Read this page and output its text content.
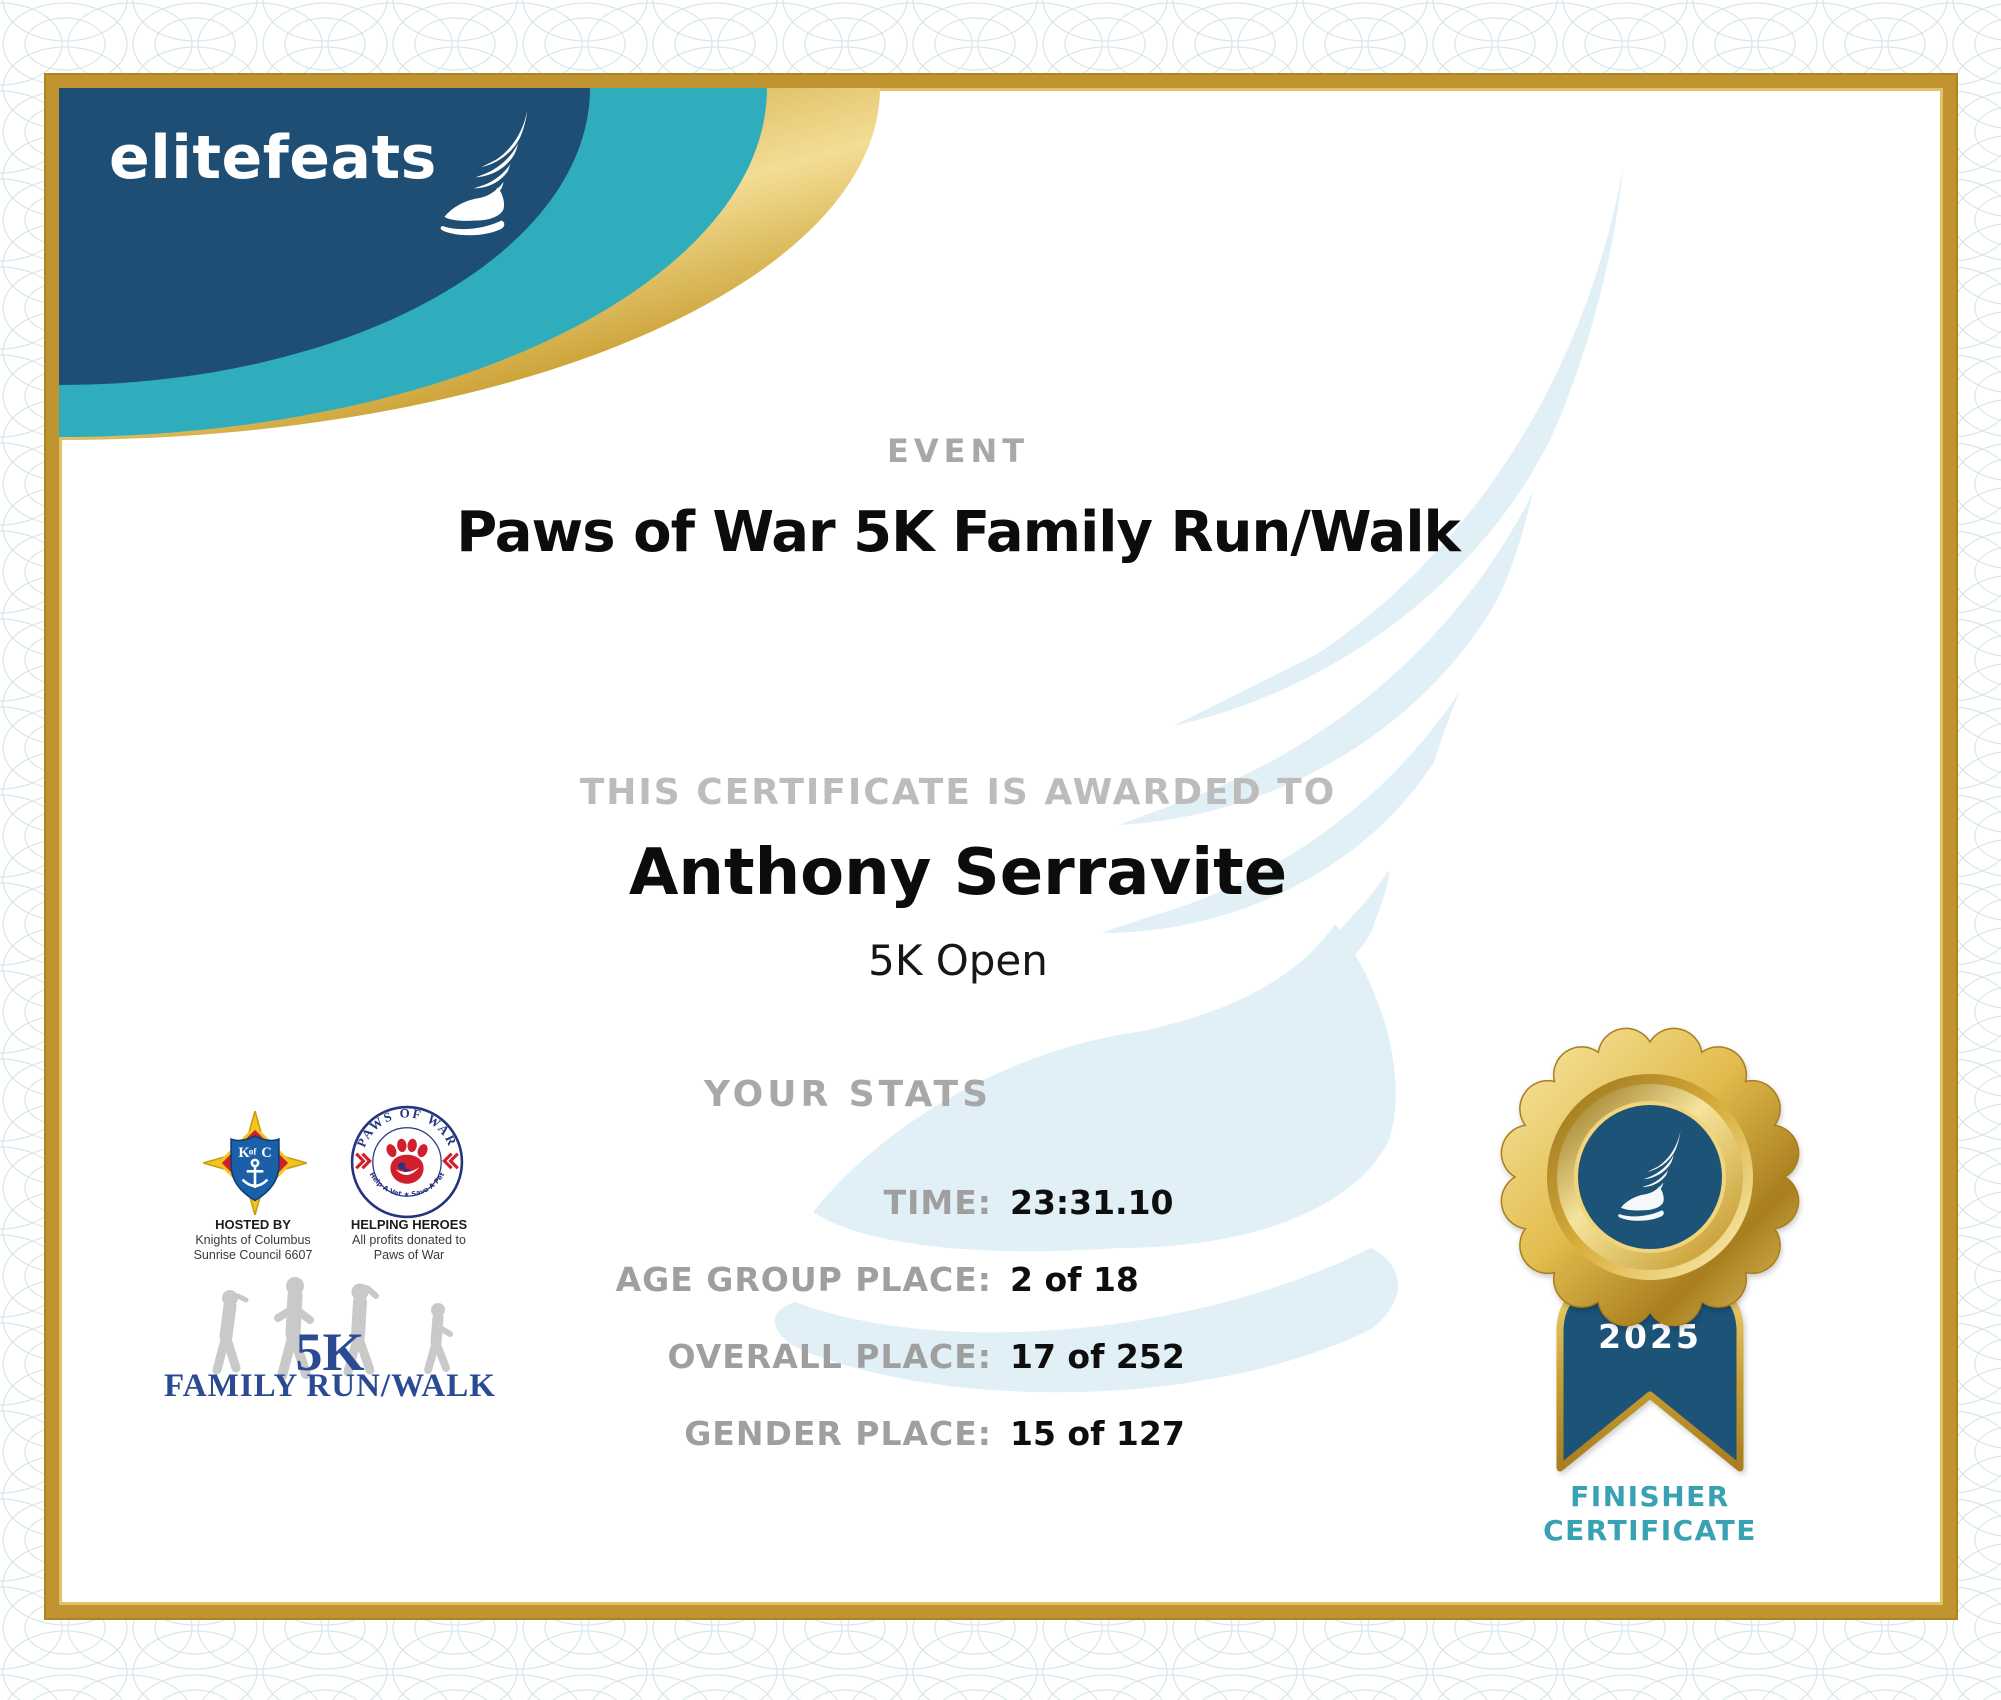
elitefeats
EVENT
Paws of War 5K Family Run/Walk
THIS CERTIFICATE IS AWARDED TO
Anthony Serravite
5K Open
YOUR STATS
TIME: 23:31.10
AGE GROUP PLACE: 2 of 18
OVERALL PLACE: 17 of 252
GENDER PLACE: 15 of 127
K of C
PAWS OF WAR
Help A Vet ★ Save A Pet
HOSTED BY
Knights of Columbus
Sunrise Council 6607
HELPING HEROES
All profits donated to
Paws of War
5K
FAMILY RUN/WALK
2025
FINISHER
CERTIFICATE
